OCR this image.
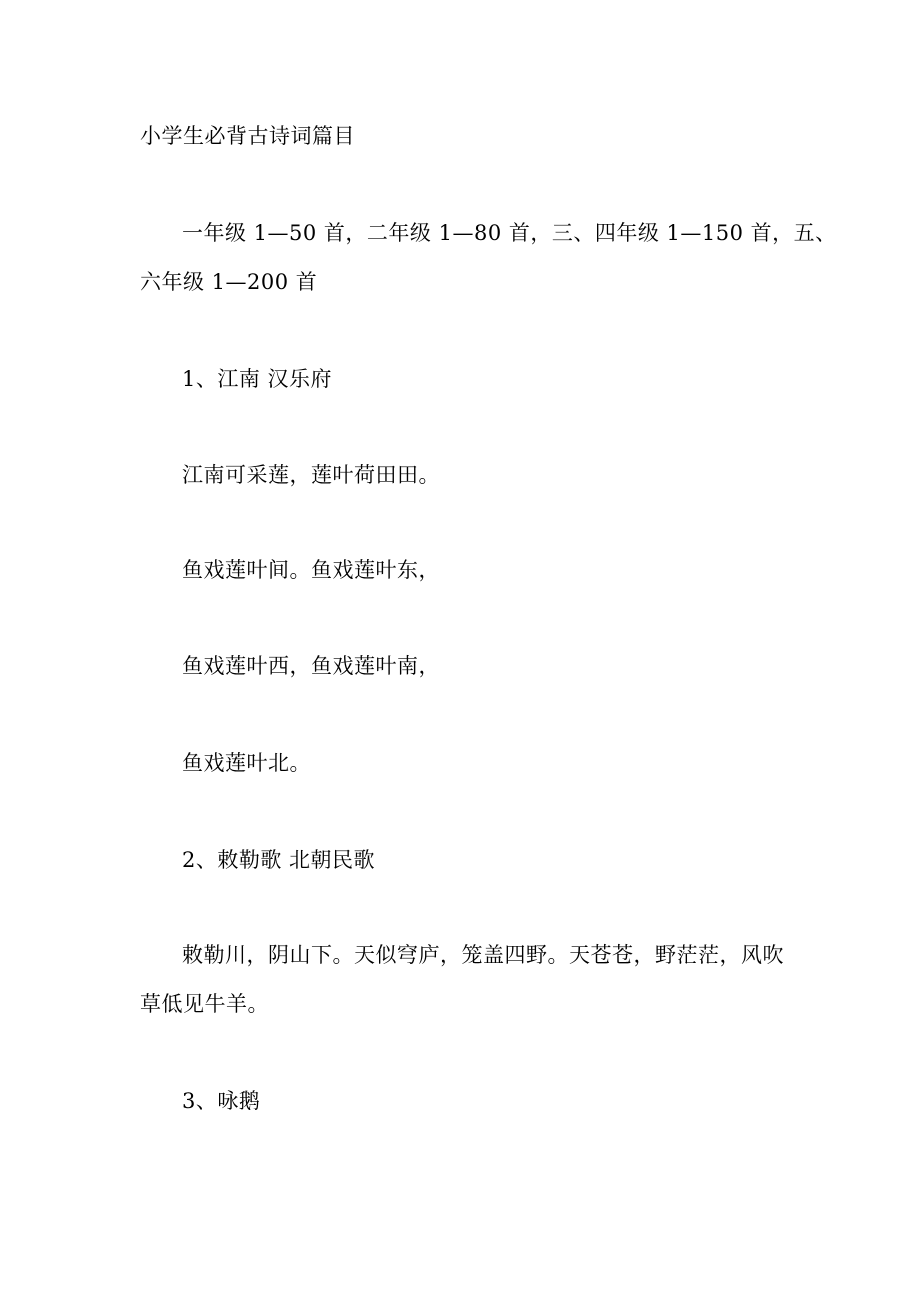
小学生必背古诗词篇目
一年级 1—50 首，二年级 1—80 首，三、四年级 1—150 首，五、
六年级 1—200 首
1、江南 汉乐府
江南可采莲，莲叶荷田田。
鱼戏莲叶间。鱼戏莲叶东，
鱼戏莲叶西，鱼戏莲叶南，
鱼戏莲叶北。
2、敕勒歌 北朝民歌
敕勒川，阴山下。天似穹庐，笼盖四野。天苍苍，野茫茫，风吹
草低见牛羊。
3、咏鹅
